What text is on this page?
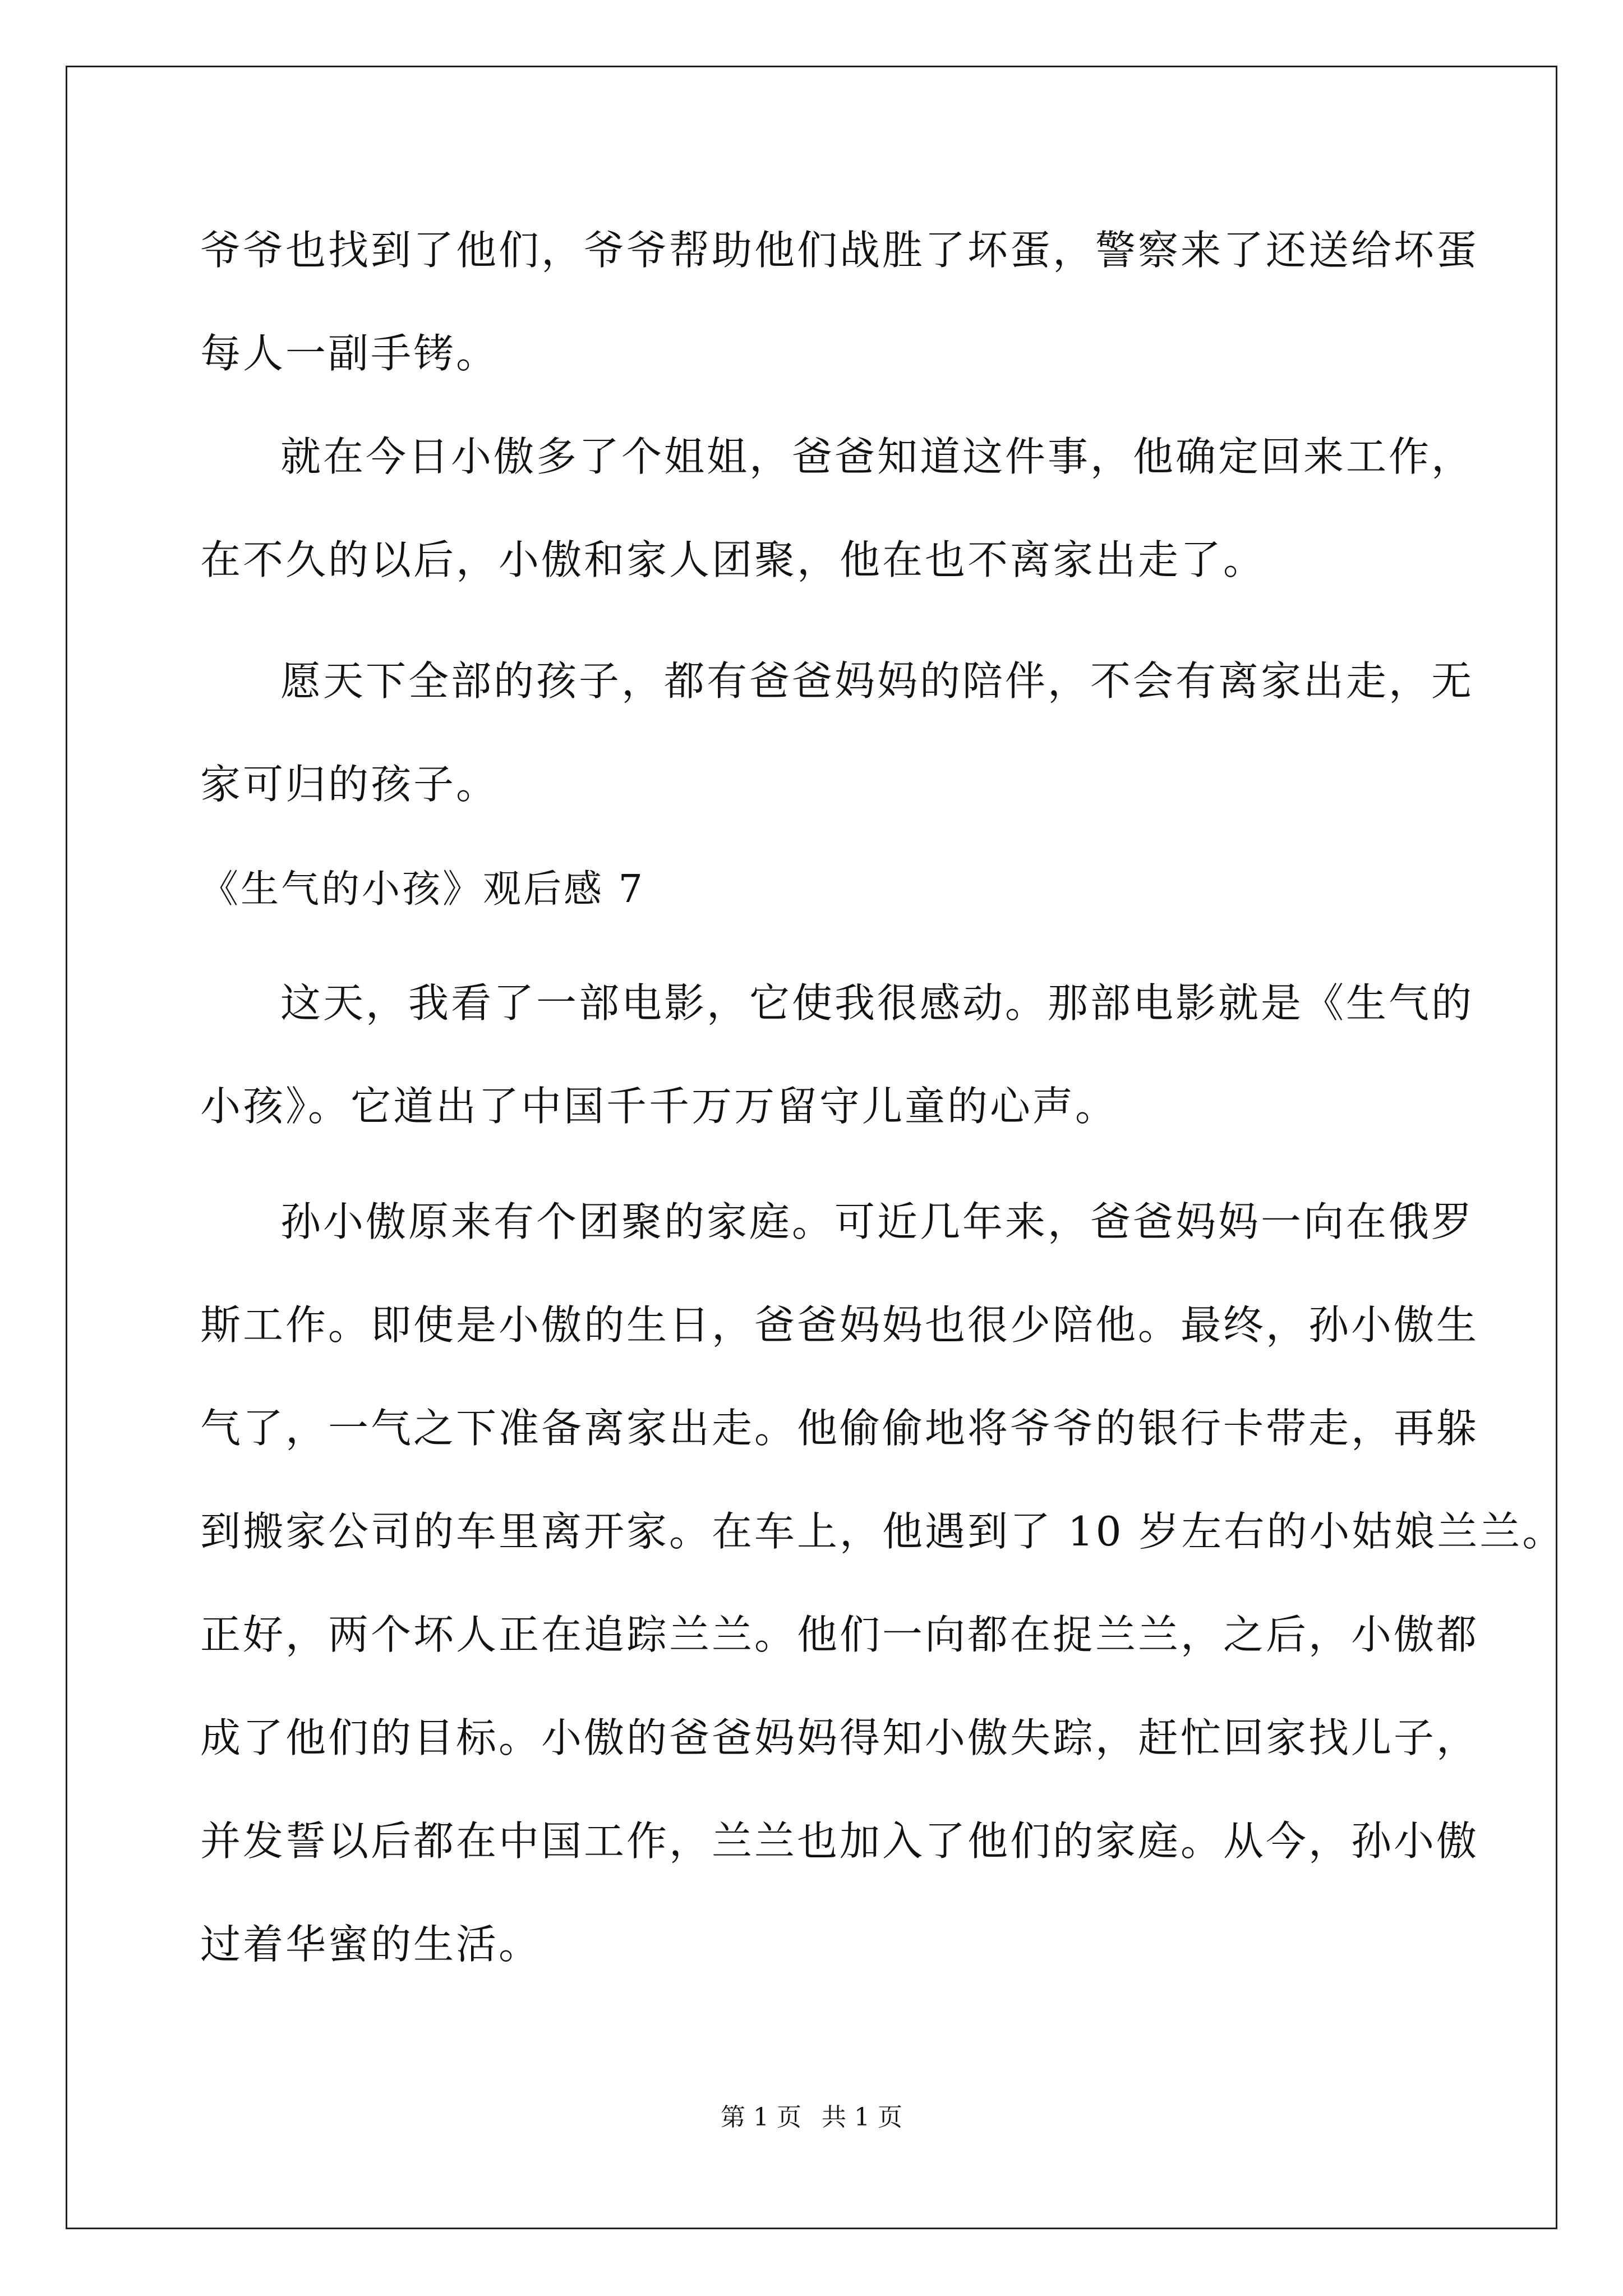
爷爷也找到了他们，爷爷帮助他们战胜了坏蛋，警察来了还送给坏蛋
每人一副手铐。
就在今日小傲多了个姐姐，爸爸知道这件事，他确定回来工作，
在不久的以后，小傲和家人团聚，他在也不离家出走了。
愿天下全部的孩子，都有爸爸妈妈的陪伴，不会有离家出走，无
家可归的孩子。
《生气的小孩》观后感 7
这天，我看了一部电影，它使我很感动。那部电影就是《生气的
小孩》。它道出了中国千千万万留守儿童的心声。
孙小傲原来有个团聚的家庭。可近几年来，爸爸妈妈一向在俄罗
斯工作。即使是小傲的生日，爸爸妈妈也很少陪他。最终，孙小傲生
气了，一气之下准备离家出走。他偷偷地将爷爷的银行卡带走，再躲
到搬家公司的车里离开家。在车上，他遇到了 10 岁左右的小姑娘兰兰。
正好，两个坏人正在追踪兰兰。他们一向都在捉兰兰，之后，小傲都
成了他们的目标。小傲的爸爸妈妈得知小傲失踪，赶忙回家找儿子，
并发誓以后都在中国工作，兰兰也加入了他们的家庭。从今，孙小傲
过着华蜜的生活。
第 1 页 共 1 页
